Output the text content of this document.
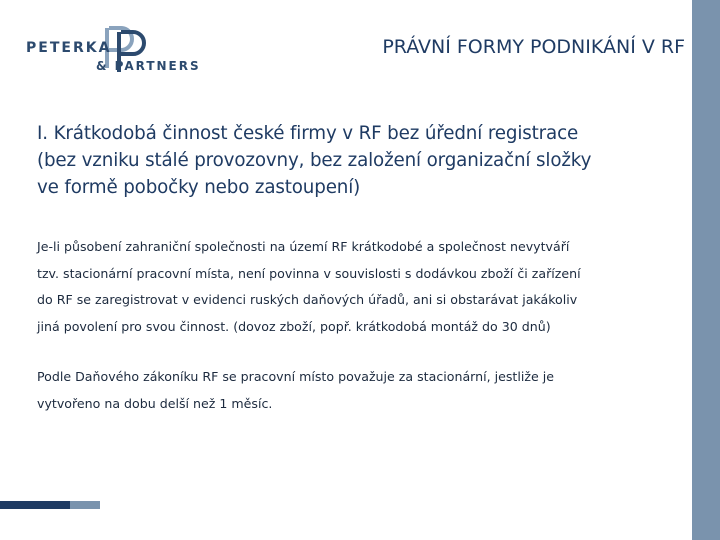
PETERKA
& PARTNERS
PRÁVNÍ FORMY PODNIKÁNÍ V RF
I. Krátkodobá činnost české firmy v RF bez úřední registrace
(bez vzniku stálé provozovny, bez založení organizační složky
ve formě pobočky nebo zastoupení)
Je-li působení zahraniční společnosti na území RF krátkodobé a společnost nevytváří
tzv. stacionární pracovní místa, není povinna v souvislosti s dodávkou zboží či zařízení
do RF se zaregistrovat v evidenci ruských daňových úřadů, ani si obstarávat jakákoliv
jiná povolení pro svou činnost. (dovoz zboží, popř. krátkodobá montáž do 30 dnů)
Podle Daňového zákoníku RF se pracovní místo považuje za stacionární, jestliže je
vytvořeno na dobu delší než 1 měsíc.
